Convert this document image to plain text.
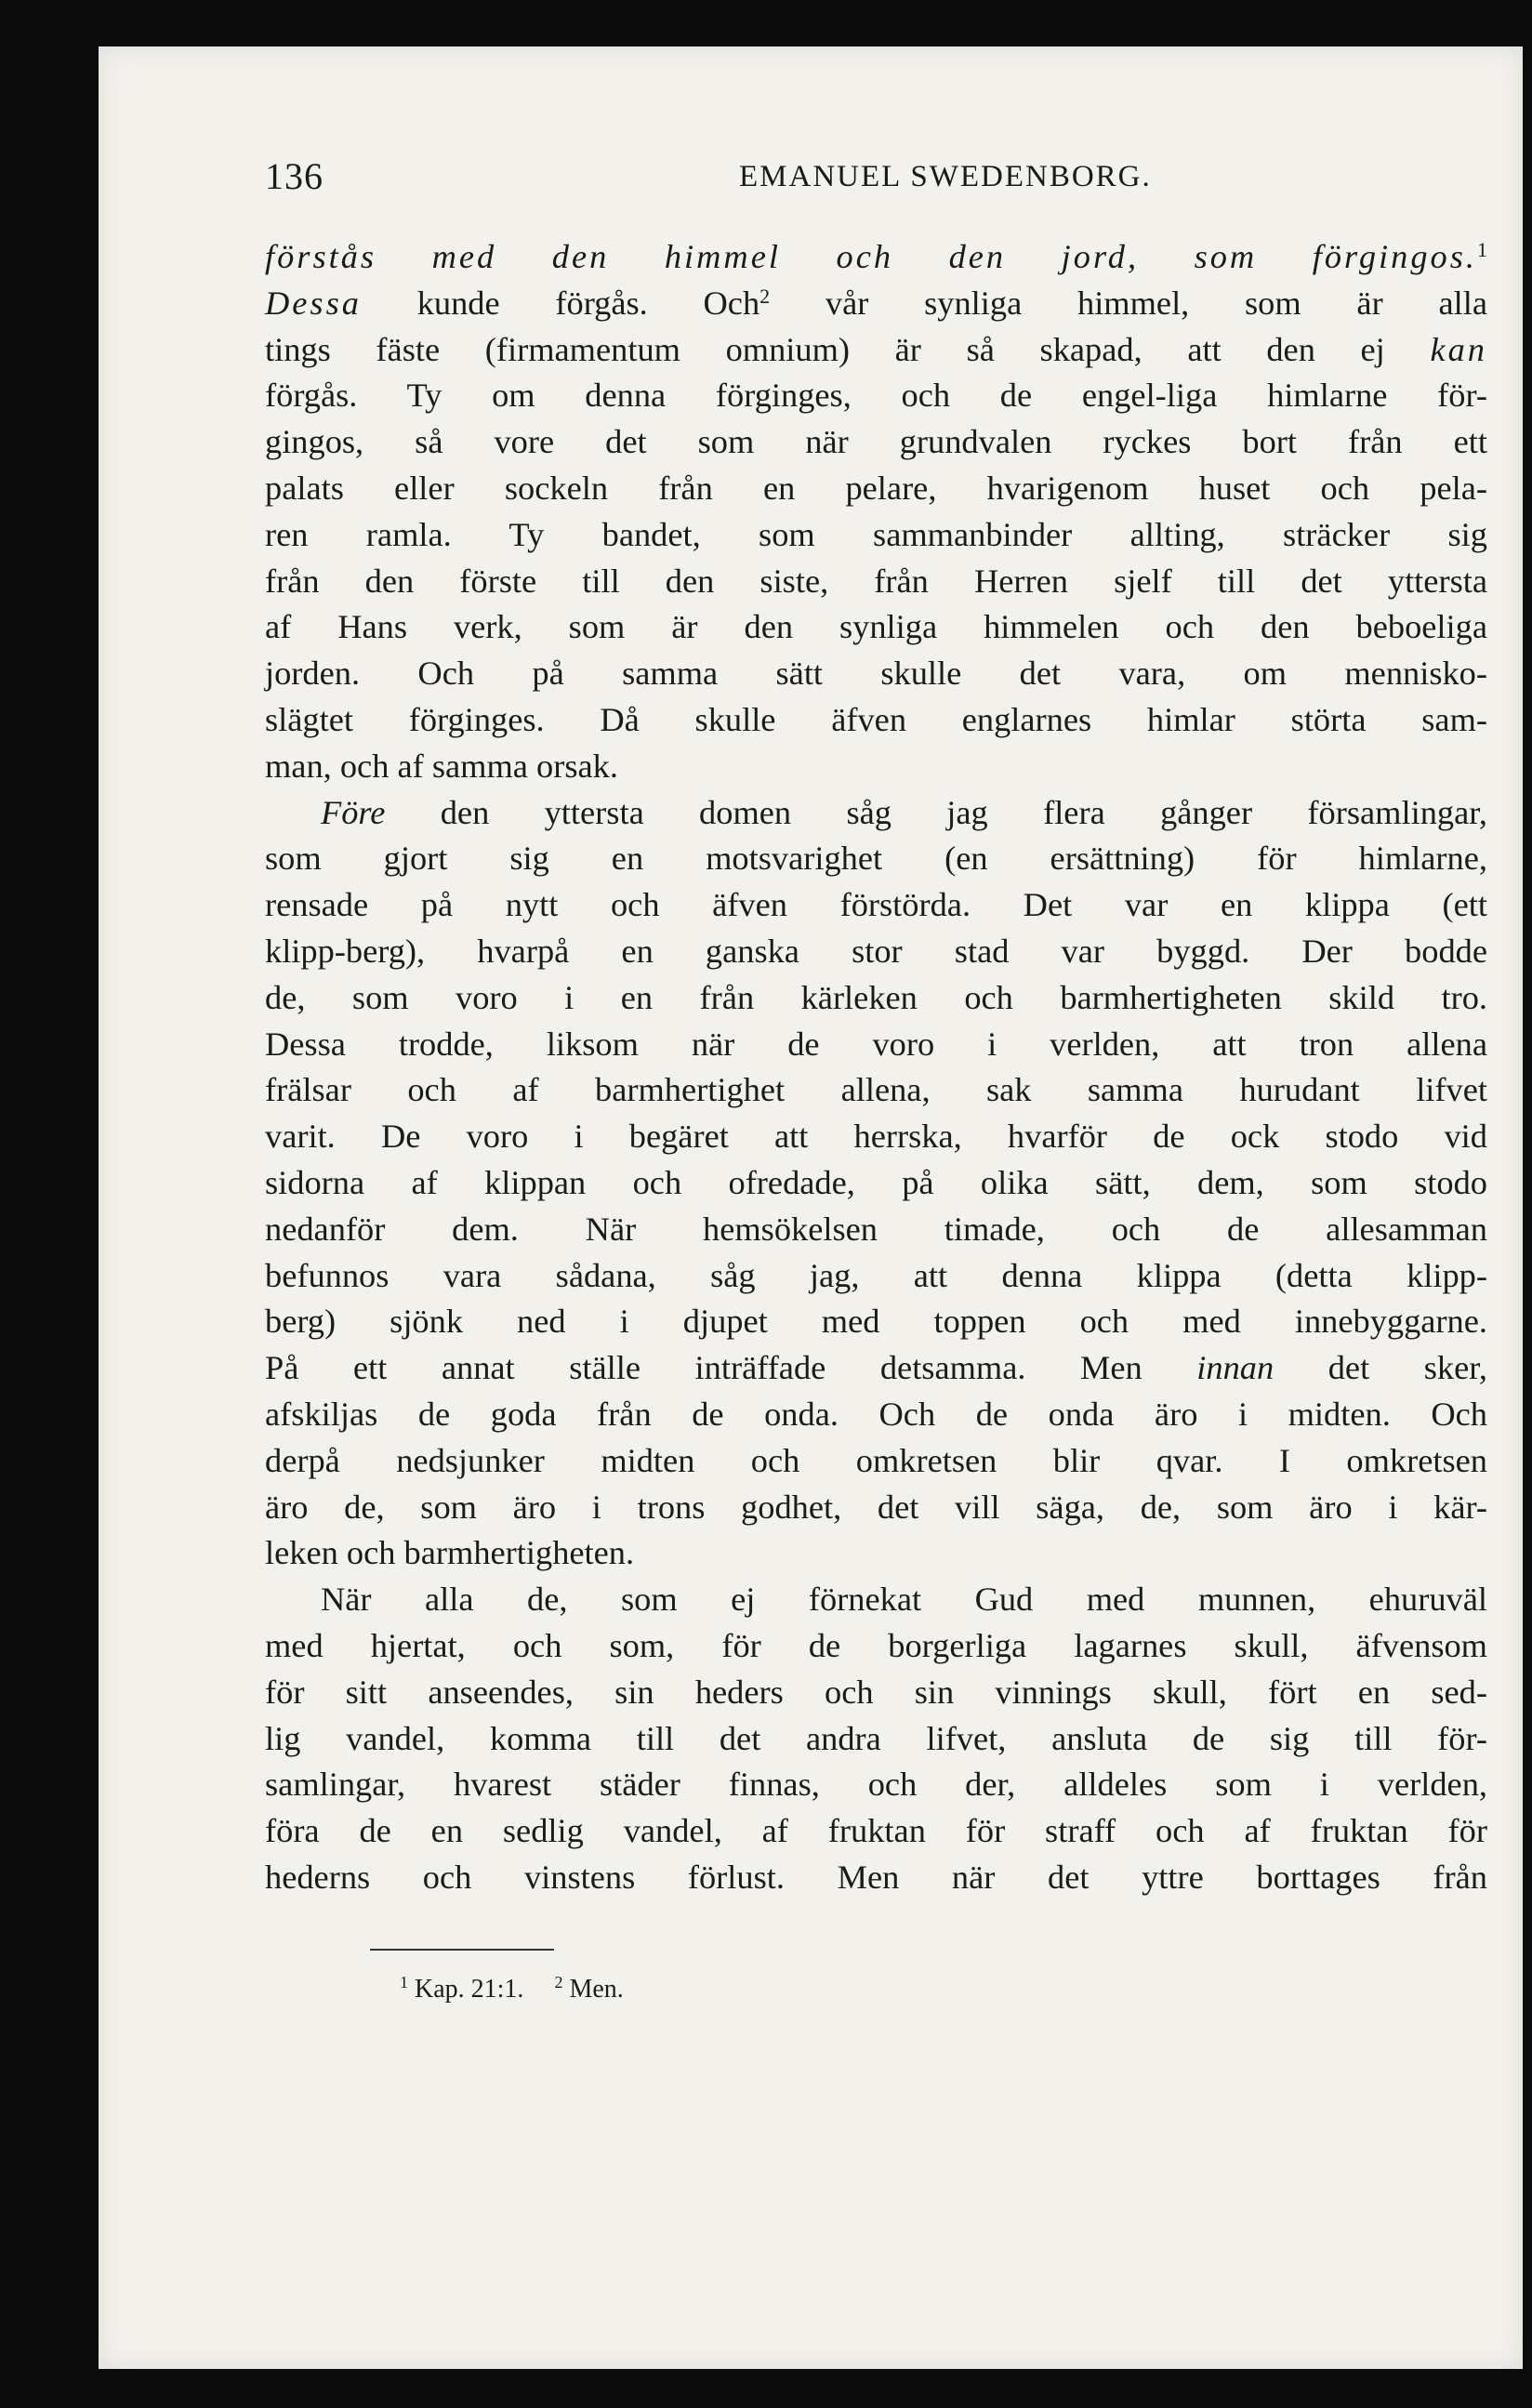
136	EMANUEL SWEDENBORG.
förstås med den himmel och den jord, som förgingos.$^1$
Dessa kunde förgås. Och$^2$ vår synliga himmel, som är alla
tings fäste (firmamentum omnium) är så skapad, att den ej kan
förgås. Ty om denna förginges, och de engel-liga himlarne för-
gingos, så vore det som när grundvalen ryckes bort från ett
palats eller sockeln från en pelare, hvarigenom huset och pela-
ren ramla. Ty bandet, som sammanbinder allting, sträcker sig
från den förste till den siste, från Herren sjelf till det yttersta
af Hans verk, som är den synliga himmelen och den beboeliga
jorden. Och på samma sätt skulle det vara, om mennisko-
slägtet förginges. Då skulle äfven englarnes himlar störta sam-
man, och af samma orsak.
Före den yttersta domen såg jag flera gånger församlingar,
som gjort sig en motsvarighet (en ersättning) för himlarne,
rensade på nytt och äfven förstörda. Det var en klippa (ett
klipp-berg), hvarpå en ganska stor stad var byggd. Der bodde
de, som voro i en från kärleken och barmhertigheten skild tro.
Dessa trodde, liksom när de voro i verlden, att tron allena
frälsar och af barmhertighet allena, sak samma hurudant lifvet
varit. De voro i begäret att herrska, hvarför de ock stodo vid
sidorna af klippan och ofredade, på olika sätt, dem, som stodo
nedanför dem. När hemsökelsen timade, och de allesamman
befunnos vara sådana, såg jag, att denna klippa (detta klipp-
berg) sjönk ned i djupet med toppen och med innebyggarne.
På ett annat ställe inträffade detsamma. Men innan det sker,
afskiljas de goda från de onda. Och de onda äro i midten. Och
derpå nedsjunker midten och omkretsen blir qvar. I omkretsen
äro de, som äro i trons godhet, det vill säga, de, som äro i kär-
leken och barmhertigheten.
När alla de, som ej förnekat Gud med munnen, ehuruväl
med hjertat, och som, för de borgerliga lagarnes skull, äfvensom
för sitt anseendes, sin heders och sin vinnings skull, fört en sed-
lig vandel, komma till det andra lifvet, ansluta de sig till för-
samlingar, hvarest städer finnas, och der, alldeles som i verlden,
föra de en sedlig vandel, af fruktan för straff och af fruktan för
hederns och vinstens förlust. Men när det yttre borttages från
$^1$ Kap. 21:1. $^2$ Men.
